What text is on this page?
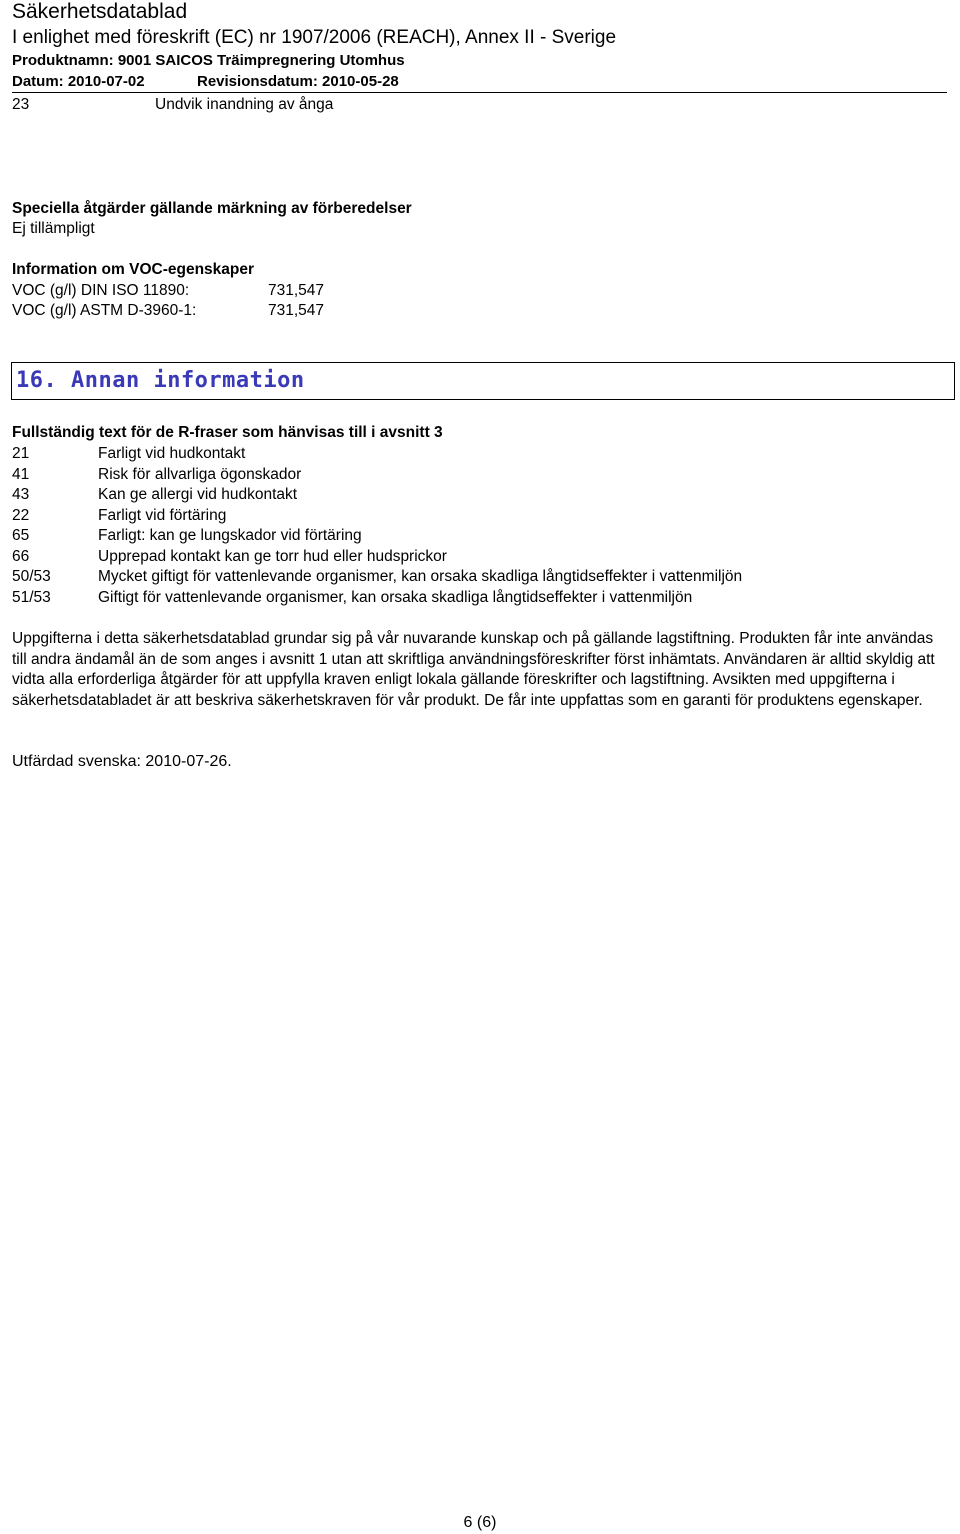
Säkerhetsdatablad
I enlighet med föreskrift (EC) nr 1907/2006 (REACH), Annex II - Sverige
Produktnamn: 9001 SAICOS Träimpregnering Utomhus
Datum: 2010-07-02	Revisionsdatum: 2010-05-28
23	Undvik inandning av ånga
Speciella åtgärder gällande märkning av förberedelser
Ej tillämpligt
Information om VOC-egenskaper
VOC (g/l) DIN ISO 11890:	731,547
VOC (g/l) ASTM D-3960-1:	731,547
16. Annan information
Fullständig text för de R-fraser som hänvisas till i avsnitt 3
21	Farligt vid hudkontakt
41	Risk för allvarliga ögonskador
43	Kan ge allergi vid hudkontakt
22	Farligt vid förtäring
65	Farligt: kan ge lungskador vid förtäring
66	Upprepad kontakt kan ge torr hud eller hudsprickor
50/53	Mycket giftigt för vattenlevande organismer, kan orsaka skadliga långtidseffekter i vattenmiljön
51/53	Giftigt för vattenlevande organismer, kan orsaka skadliga långtidseffekter i vattenmiljön
Uppgifterna i detta säkerhetsdatablad grundar sig på vår nuvarande kunskap och på gällande lagstiftning. Produkten får inte användas till andra ändamål än de som anges i avsnitt 1 utan att skriftliga användningsföreskrifter först inhämtats. Användaren är alltid skyldig att vidta alla erforderliga åtgärder för att uppfylla kraven enligt lokala gällande föreskrifter och lagstiftning. Avsikten med uppgifterna i säkerhetsdatabladet är att beskriva säkerhetskraven för vår produkt. De får inte uppfattas som en garanti för produktens egenskaper.
Utfärdad svenska: 2010-07-26.
6 (6)
